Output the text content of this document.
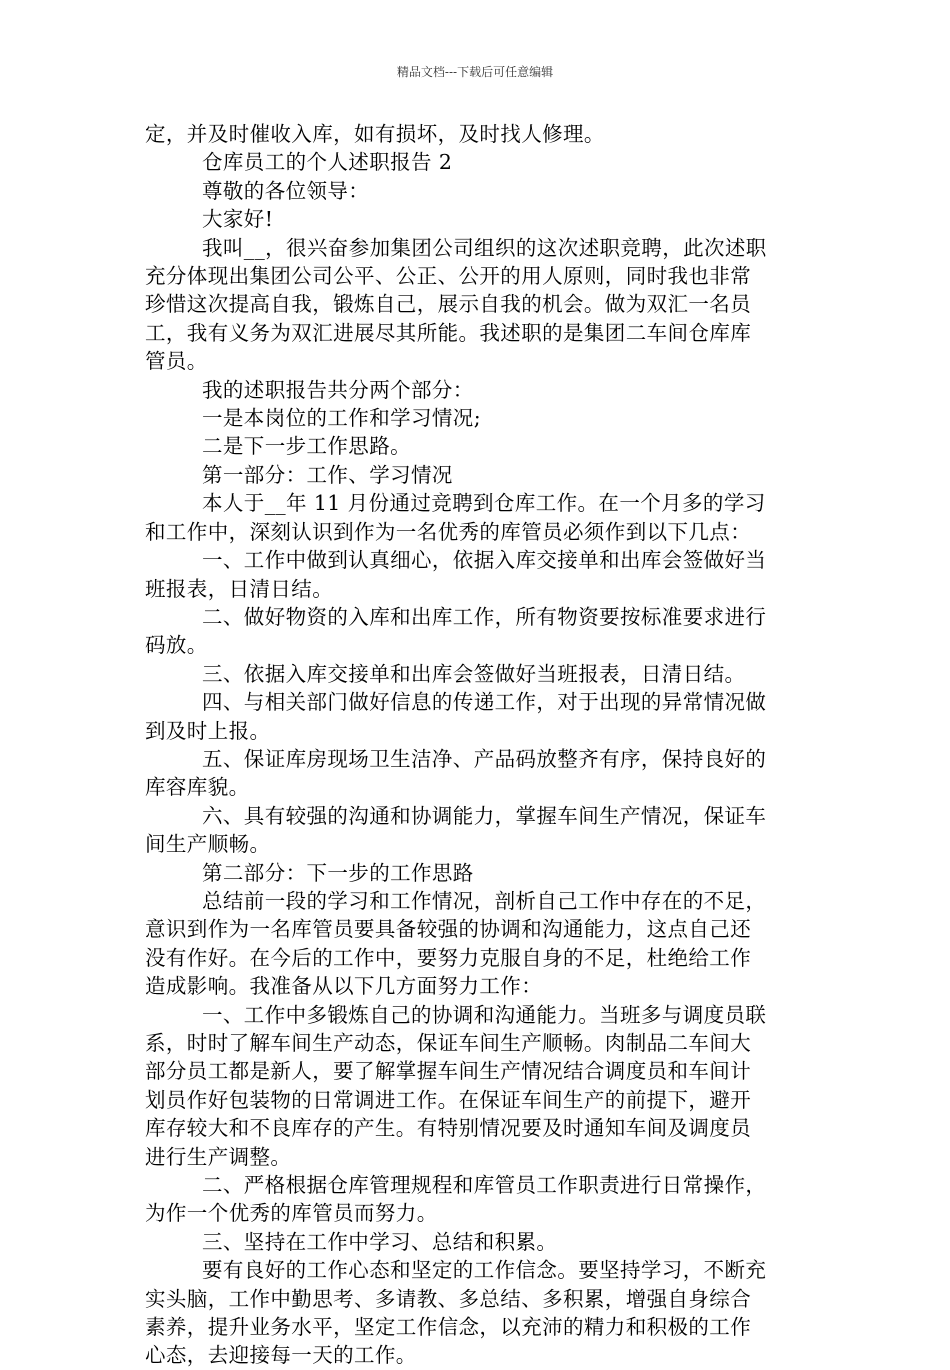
精品文档---下载后可任意编辑

定，并及时催收入库，如有损坏，及时找人修理。

仓库员工的个人述职报告 2

尊敬的各位领导：

大家好!

我叫__，很兴奋参加集团公司组织的这次述职竞聘，此次述职

充分体现出集团公司公平、公正、公开的用人原则，同时我也非常

珍惜这次提高自我，锻炼自己，展示自我的机会。做为双汇一名员

工，我有义务为双汇进展尽其所能。我述职的是集团二车间仓库库

管员。

我的述职报告共分两个部分：

一是本岗位的工作和学习情况;

二是下一步工作思路。

第一部分：工作、学习情况

本人于__年 11 月份通过竞聘到仓库工作。在一个月多的学习

和工作中，深刻认识到作为一名优秀的库管员必须作到以下几点：

一、工作中做到认真细心，依据入库交接单和出库会签做好当

班报表，日清日结。

二、做好物资的入库和出库工作，所有物资要按标准要求进行

码放。

三、依据入库交接单和出库会签做好当班报表，日清日结。

四、与相关部门做好信息的传递工作，对于出现的异常情况做

到及时上报。

五、保证库房现场卫生洁净、产品码放整齐有序，保持良好的

库容库貌。

六、具有较强的沟通和协调能力，掌握车间生产情况，保证车

间生产顺畅。

第二部分：下一步的工作思路

总结前一段的学习和工作情况，剖析自己工作中存在的不足，

意识到作为一名库管员要具备较强的协调和沟通能力，这点自己还

没有作好。在今后的工作中，要努力克服自身的不足，杜绝给工作

造成影响。我准备从以下几方面努力工作：

一、工作中多锻炼自己的协调和沟通能力。当班多与调度员联

系，时时了解车间生产动态，保证车间生产顺畅。肉制品二车间大

部分员工都是新人，要了解掌握车间生产情况结合调度员和车间计

划员作好包装物的日常调进工作。在保证车间生产的前提下，避开

库存较大和不良库存的产生。有特别情况要及时通知车间及调度员

进行生产调整。

二、严格根据仓库管理规程和库管员工作职责进行日常操作，

为作一个优秀的库管员而努力。

三、坚持在工作中学习、总结和积累。

要有良好的工作心态和坚定的工作信念。要坚持学习，不断充

实头脑，工作中勤思考、多请教、多总结、多积累，增强自身综合

素养，提升业务水平，坚定工作信念，以充沛的精力和积极的工作

心态，去迎接每一天的工作。
